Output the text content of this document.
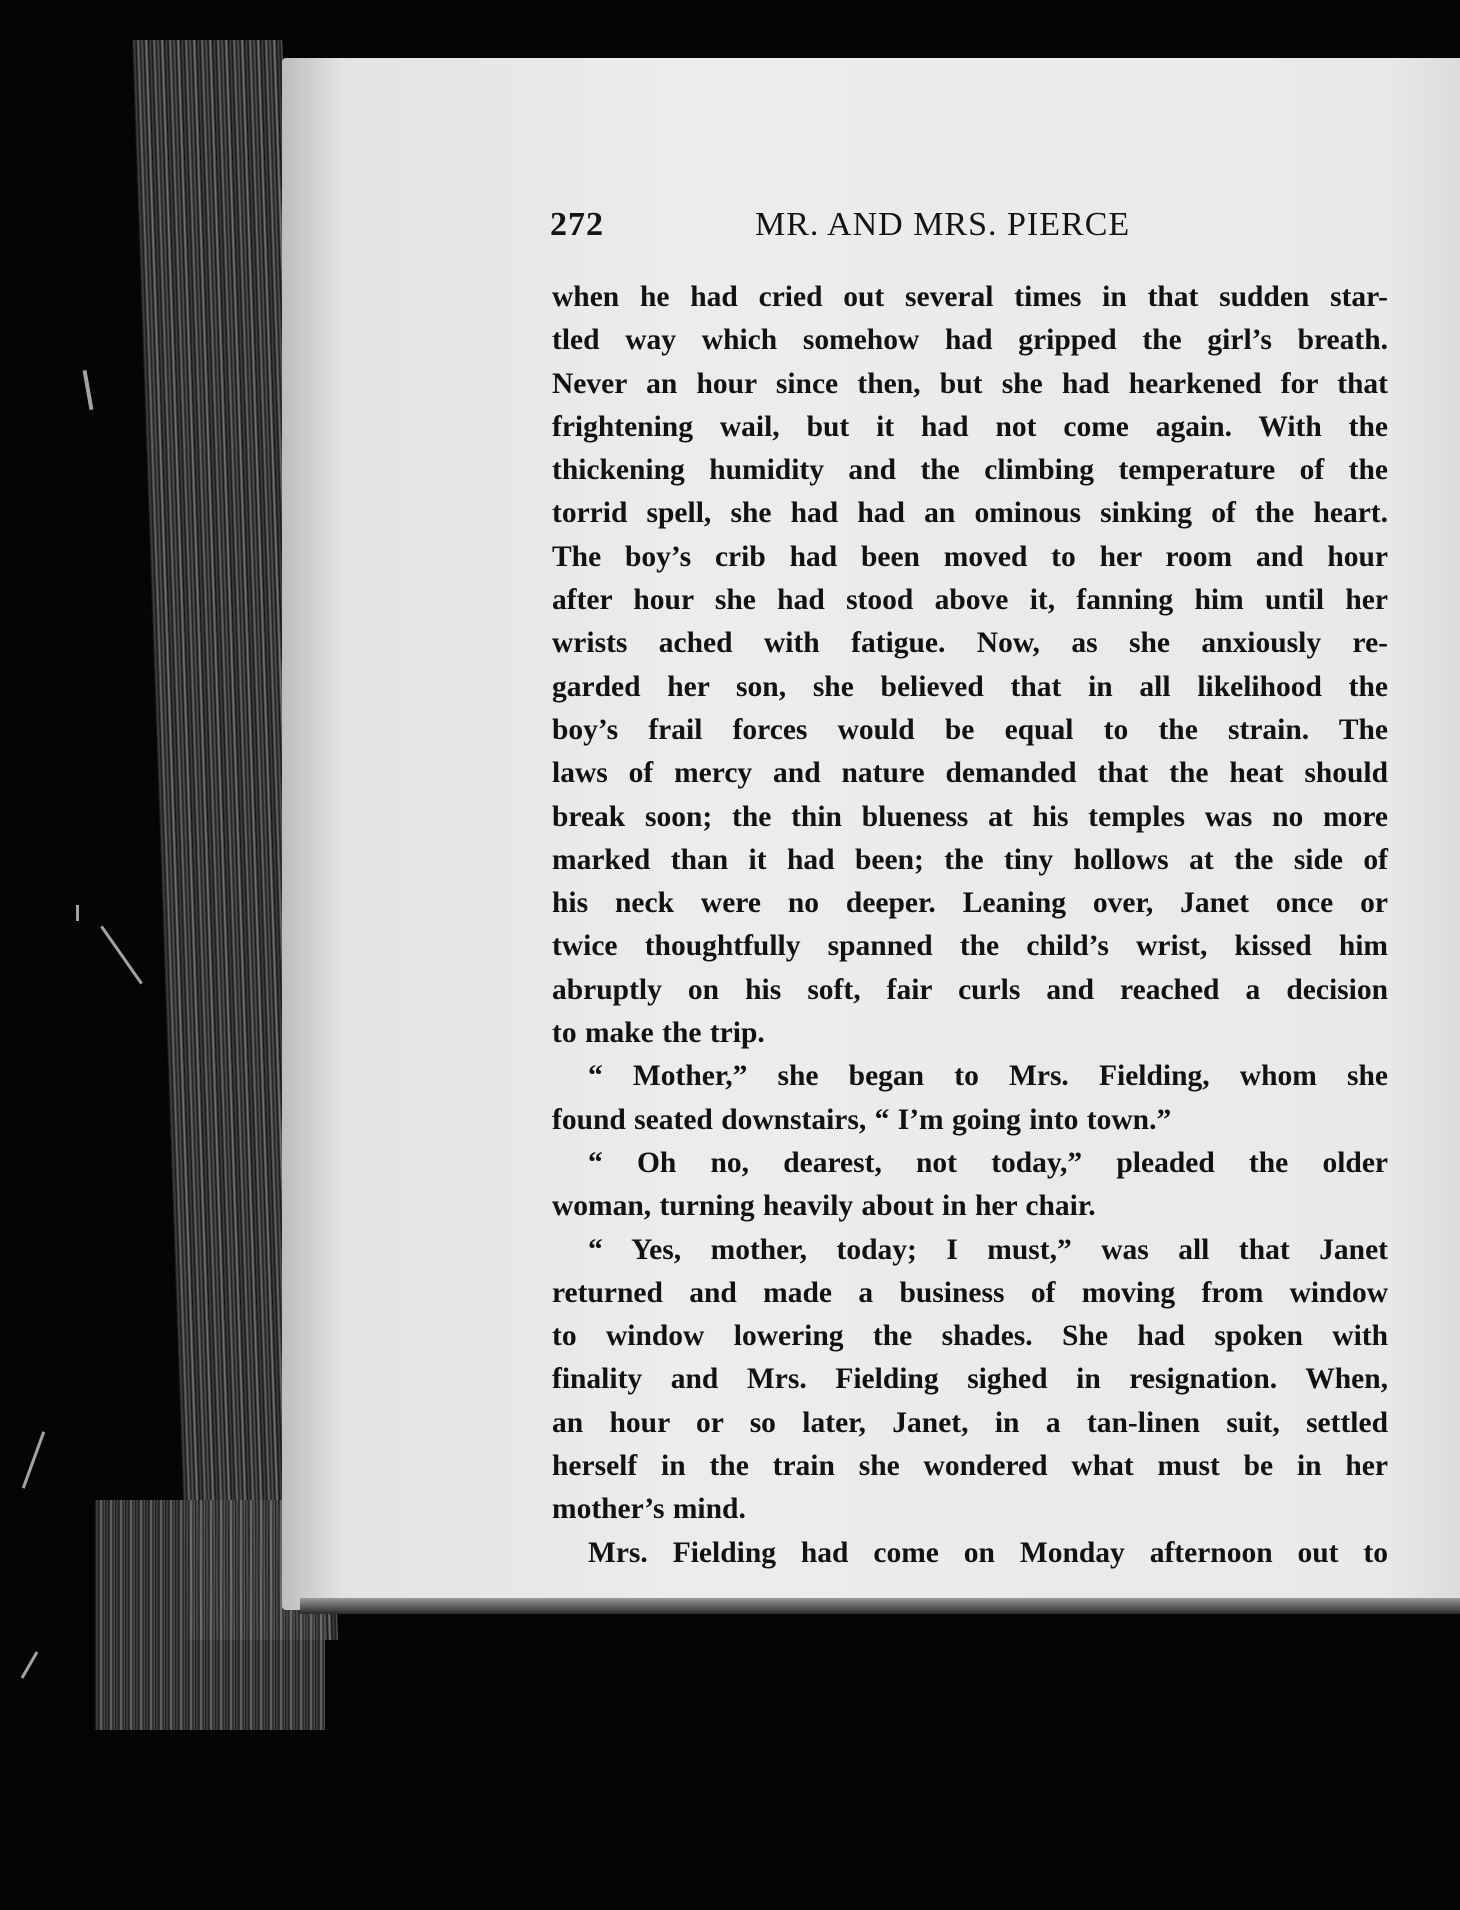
272	MR. AND MRS. PIERCE
when he had cried out several times in that sudden star-
tled way which somehow had gripped the girl’s breath.
Never an hour since then, but she had hearkened for that
frightening wail, but it had not come again. With the
thickening humidity and the climbing temperature of the
torrid spell, she had had an ominous sinking of the heart.
The boy’s crib had been moved to her room and hour
after hour she had stood above it, fanning him until her
wrists ached with fatigue. Now, as she anxiously re-
garded her son, she believed that in all likelihood the
boy’s frail forces would be equal to the strain. The
laws of mercy and nature demanded that the heat should
break soon; the thin blueness at his temples was no more
marked than it had been; the tiny hollows at the side of
his neck were no deeper. Leaning over, Janet once or
twice thoughtfully spanned the child’s wrist, kissed him
abruptly on his soft, fair curls and reached a decision
to make the trip.
“ Mother,” she began to Mrs. Fielding, whom she
found seated downstairs, “ I’m going into town.”
“ Oh no, dearest, not today,” pleaded the older
woman, turning heavily about in her chair.
“ Yes, mother, today; I must,” was all that Janet
returned and made a business of moving from window
to window lowering the shades. She had spoken with
finality and Mrs. Fielding sighed in resignation. When,
an hour or so later, Janet, in a tan-linen suit, settled
herself in the train she wondered what must be in her
mother’s mind.
Mrs. Fielding had come on Monday afternoon out to
